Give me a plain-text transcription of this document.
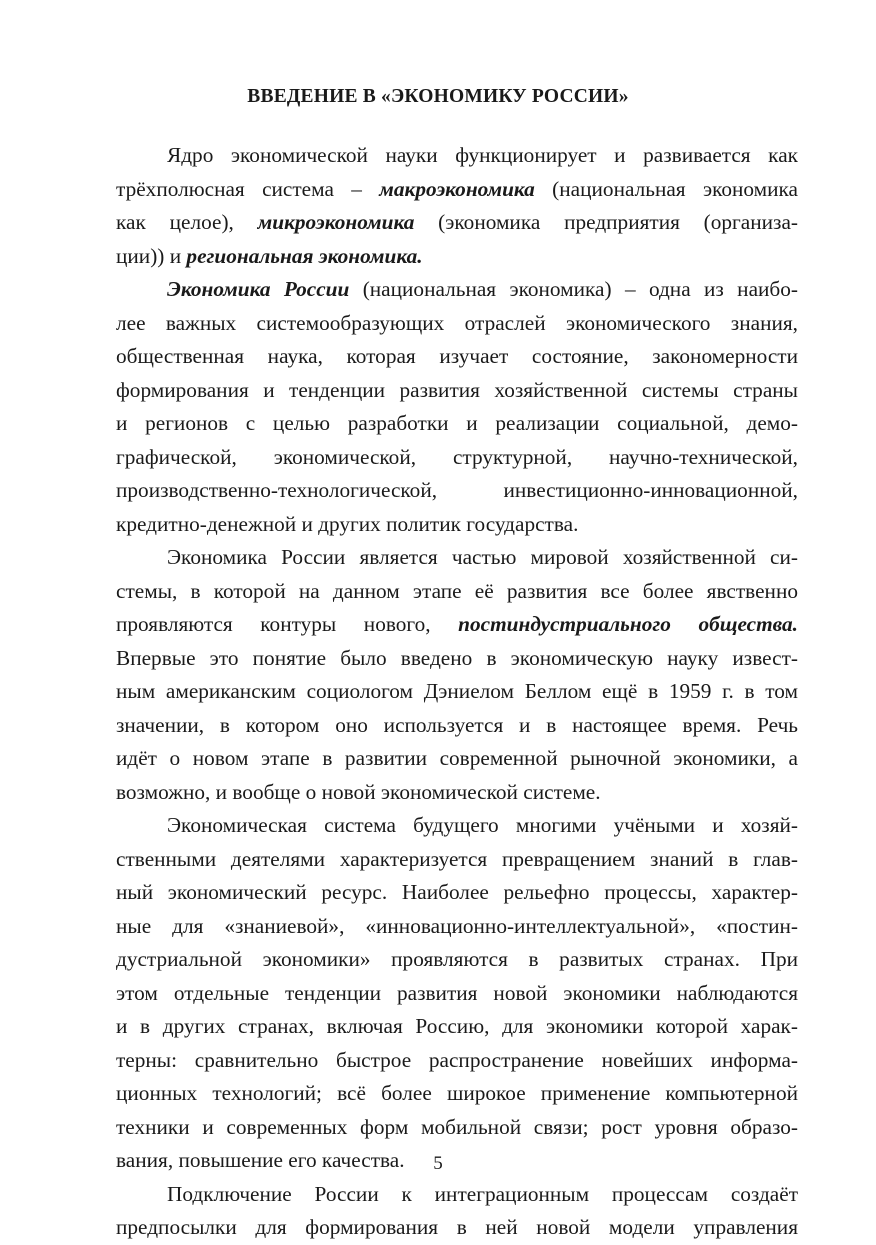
ВВЕДЕНИЕ В «ЭКОНОМИКУ РОССИИ»
Ядро экономической науки функционирует и развивается как
трёхполюсная система – макроэкономика (национальная экономика
как целое), микроэкономика (экономика предприятия (организа-
ции)) и региональная экономика.
Экономика России (национальная экономика) – одна из наибо-
лее важных системообразующих отраслей экономического знания,
общественная наука, которая изучает состояние, закономерности
формирования и тенденции развития хозяйственной системы страны
и регионов с целью разработки и реализации социальной, демо-
графической, экономической, структурной, научно-технической,
производственно-технологической, инвестиционно-инновационной,
кредитно-денежной и других политик государства.
Экономика России является частью мировой хозяйственной си-
стемы, в которой на данном этапе её развития все более явственно
проявляются контуры нового, постиндустриального общества.
Впервые это понятие было введено в экономическую науку извест-
ным американским социологом Дэниелом Беллом ещё в 1959 г. в том
значении, в котором оно используется и в настоящее время. Речь
идёт о новом этапе в развитии современной рыночной экономики, а
возможно, и вообще о новой экономической системе.
Экономическая система будущего многими учёными и хозяй-
ственными деятелями характеризуется превращением знаний в глав-
ный экономический ресурс. Наиболее рельефно процессы, характер-
ные для «знаниевой», «инновационно-интеллектуальной», «постин-
дустриальной экономики» проявляются в развитых странах. При
этом отдельные тенденции развития новой экономики наблюдаются
и в других странах, включая Россию, для экономики которой харак-
терны: сравнительно быстрое распространение новейших информа-
ционных технологий; всё более широкое применение компьютерной
техники и современных форм мобильной связи; рост уровня образо-
вания, повышение его качества.
Подключение России к интеграционным процессам создаёт
предпосылки для формирования в ней новой модели управления
5
